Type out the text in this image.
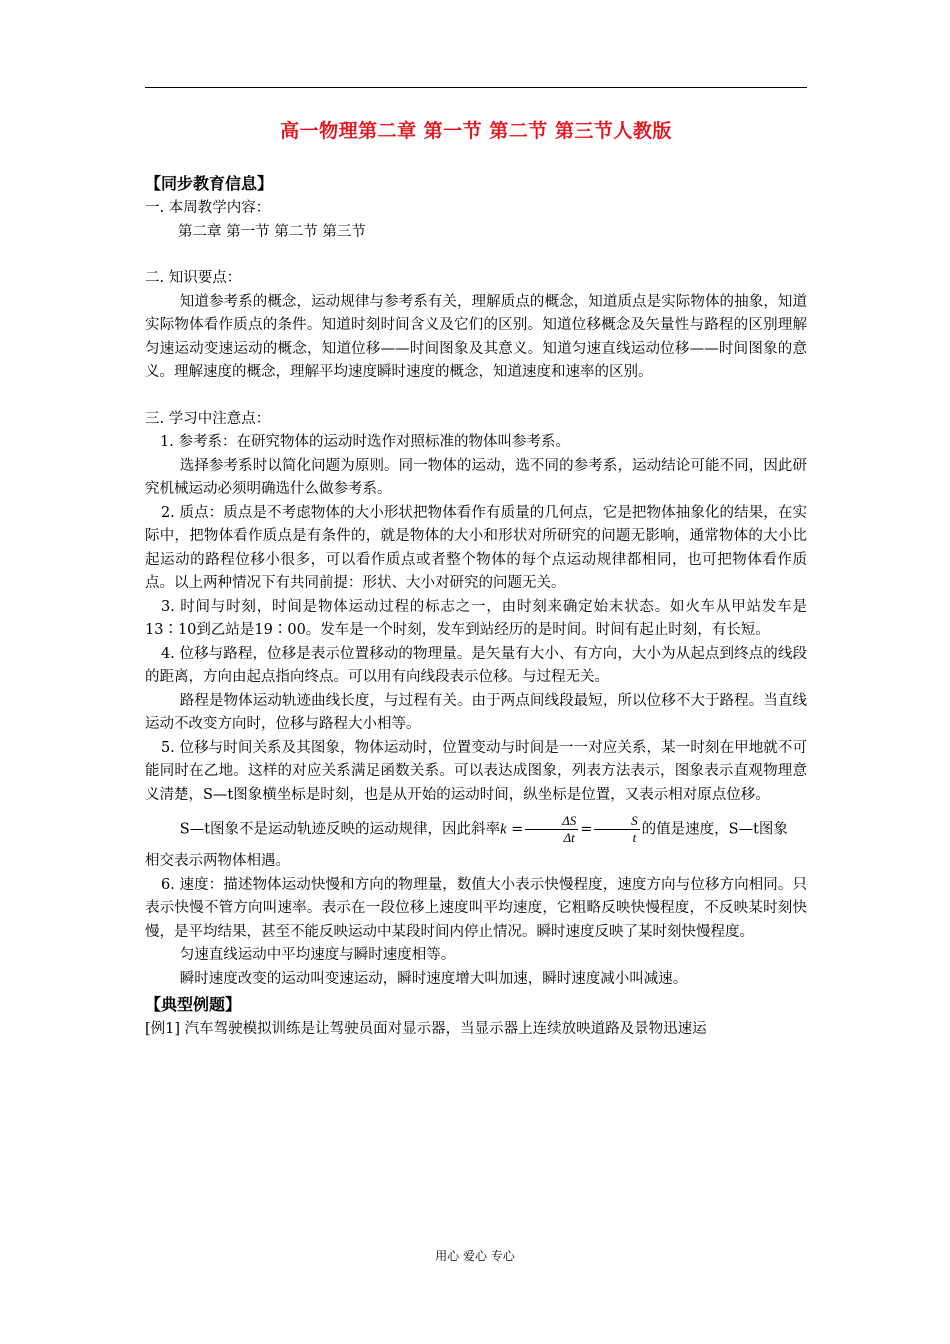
高一物理第二章 第一节 第二节 第三节人教版
【同步教育信息】

一. 本周教学内容：

第二章 第一节 第二节 第三节

二. 知识要点：

知道参考系的概念，运动规律与参考系有关，理解质点的概念，知道质点是实际物体的抽象，知道实际物体看作质点的条件。知道时刻时间含义及它们的区别。知道位移概念及矢量性与路程的区别理解匀速运动变速运动的概念，知道位移——时间图象及其意义。知道匀速直线运动位移——时间图象的意义。理解速度的概念，理解平均速度瞬时速度的概念，知道速度和速率的区别。

三. 学习中注意点：

1. 参考系：在研究物体的运动时选作对照标准的物体叫参考系。

选择参考系时以简化问题为原则。同一物体的运动，选不同的参考系，运动结论可能不同，因此研究机械运动必须明确选什么做参考系。

2. 质点：质点是不考虑物体的大小形状把物体看作有质量的几何点，它是把物体抽象化的结果，在实际中，把物体看作质点是有条件的，就是物体的大小和形状对所研究的问题无影响，通常物体的大小比起运动的路程位移小很多，可以看作质点或者整个物体的每个点运动规律都相同，也可把物体看作质点。以上两种情况下有共同前提：形状、大小对研究的问题无关。

3. 时间与时刻，时间是物体运动过程的标志之一，由时刻来确定始末状态。如火车从甲站发车是13∶10到乙站是19∶00。发车是一个时刻，发车到站经历的是时间。时间有起止时刻，有长短。

4. 位移与路程，位移是表示位置移动的物理量。是矢量有大小、有方向，大小为从起点到终点的线段的距离，方向由起点指向终点。可以用有向线段表示位移。与过程无关。

路程是物体运动轨迹曲线长度，与过程有关。由于两点间线段最短，所以位移不大于路程。当直线运动不改变方向时，位移与路程大小相等。

5. 位移与时间关系及其图象，物体运动时，位置变动与时间是一一对应关系，某一时刻在甲地就不可能同时在乙地。这样的对应关系满足函数关系。可以表达成图象，列表方法表示，图象表示直观物理意义清楚，S—t图象横坐标是时刻，也是从开始的运动时间，纵坐标是位置，又表示相对原点位移。

S—t图象不是运动轨迹反映的运动规律，因此斜率$k = \frac{\Delta S}{\Delta t} = \frac{S}{t}$ 的值是速度，S—t图象

相交表示两物体相遇。

6. 速度：描述物体运动快慢和方向的物理量，数值大小表示快慢程度，速度方向与位移方向相同。只表示快慢不管方向叫速率。表示在一段位移上速度叫平均速度，它粗略反映快慢程度，不反映某时刻快慢，是平均结果，甚至不能反映运动中某段时间内停止情况。瞬时速度反映了某时刻快慢程度。

匀速直线运动中平均速度与瞬时速度相等。

瞬时速度改变的运动叫变速运动，瞬时速度增大叫加速，瞬时速度减小叫减速。

【典型例题】

[例1] 汽车驾驶模拟训练是让驾驶员面对显示器，当显示器上连续放映道路及景物迅速运

用心 爱心 专心
